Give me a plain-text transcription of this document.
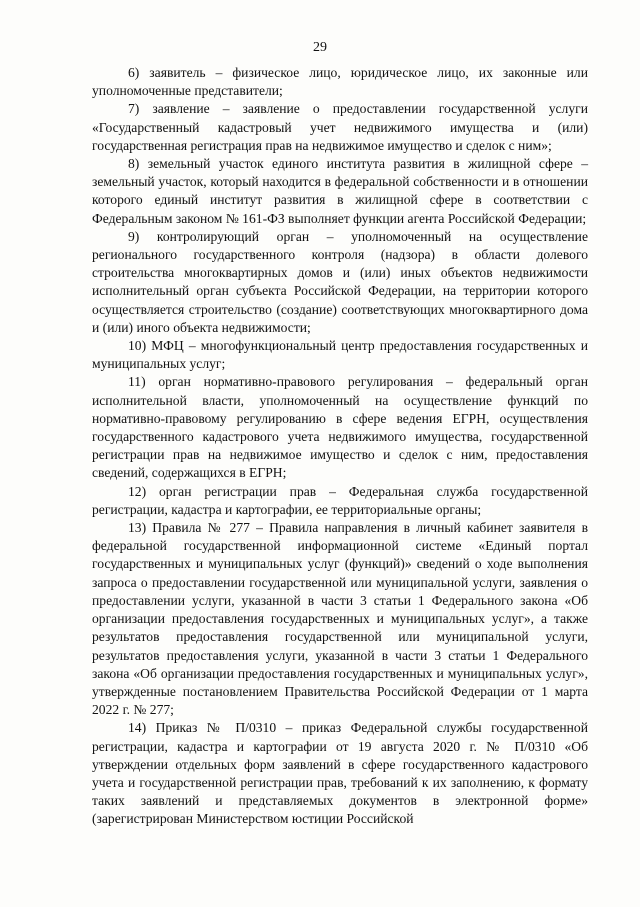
29

6) заявитель – физическое лицо, юридическое лицо, их законные или уполномоченные представители;

7) заявление – заявление о предоставлении государственной услуги «Государственный кадастровый учет недвижимого имущества и (или) государственная регистрация прав на недвижимое имущество и сделок с ним»;

8) земельный участок единого института развития в жилищной сфере – земельный участок, который находится в федеральной собственности и в отношении которого единый институт развития в жилищной сфере в соответствии с Федеральным законом № 161-ФЗ выполняет функции агента Российской Федерации;

9) контролирующий орган – уполномоченный на осуществление регионального государственного контроля (надзора) в области долевого строительства многоквартирных домов и (или) иных объектов недвижимости исполнительный орган субъекта Российской Федерации, на территории которого осуществляется строительство (создание) соответствующих многоквартирного дома и (или) иного объекта недвижимости;

10) МФЦ – многофункциональный центр предоставления государственных и муниципальных услуг;

11) орган нормативно-правового регулирования – федеральный орган исполнительной власти, уполномоченный на осуществление функций по нормативно-правовому регулированию в сфере ведения ЕГРН, осуществления государственного кадастрового учета недвижимого имущества, государственной регистрации прав на недвижимое имущество и сделок с ним, предоставления сведений, содержащихся в ЕГРН;

12) орган регистрации прав – Федеральная служба государственной регистрации, кадастра и картографии, ее территориальные органы;

13) Правила № 277 – Правила направления в личный кабинет заявителя в федеральной государственной информационной системе «Единый портал государственных и муниципальных услуг (функций)» сведений о ходе выполнения запроса о предоставлении государственной или муниципальной услуги, заявления о предоставлении услуги, указанной в части 3 статьи 1 Федерального закона «Об организации предоставления государственных и муниципальных услуг», а также результатов предоставления государственной или муниципальной услуги, результатов предоставления услуги, указанной в части 3 статьи 1 Федерального закона «Об организации предоставления государственных и муниципальных услуг», утвержденные постановлением Правительства Российской Федерации от 1 марта 2022 г. № 277;

14) Приказ № П/0310 – приказ Федеральной службы государственной регистрации, кадастра и картографии от 19 августа 2020 г. № П/0310 «Об утверждении отдельных форм заявлений в сфере государственного кадастрового учета и государственной регистрации прав, требований к их заполнению, к формату таких заявлений и представляемых документов в электронной форме» (зарегистрирован Министерством юстиции Российской
